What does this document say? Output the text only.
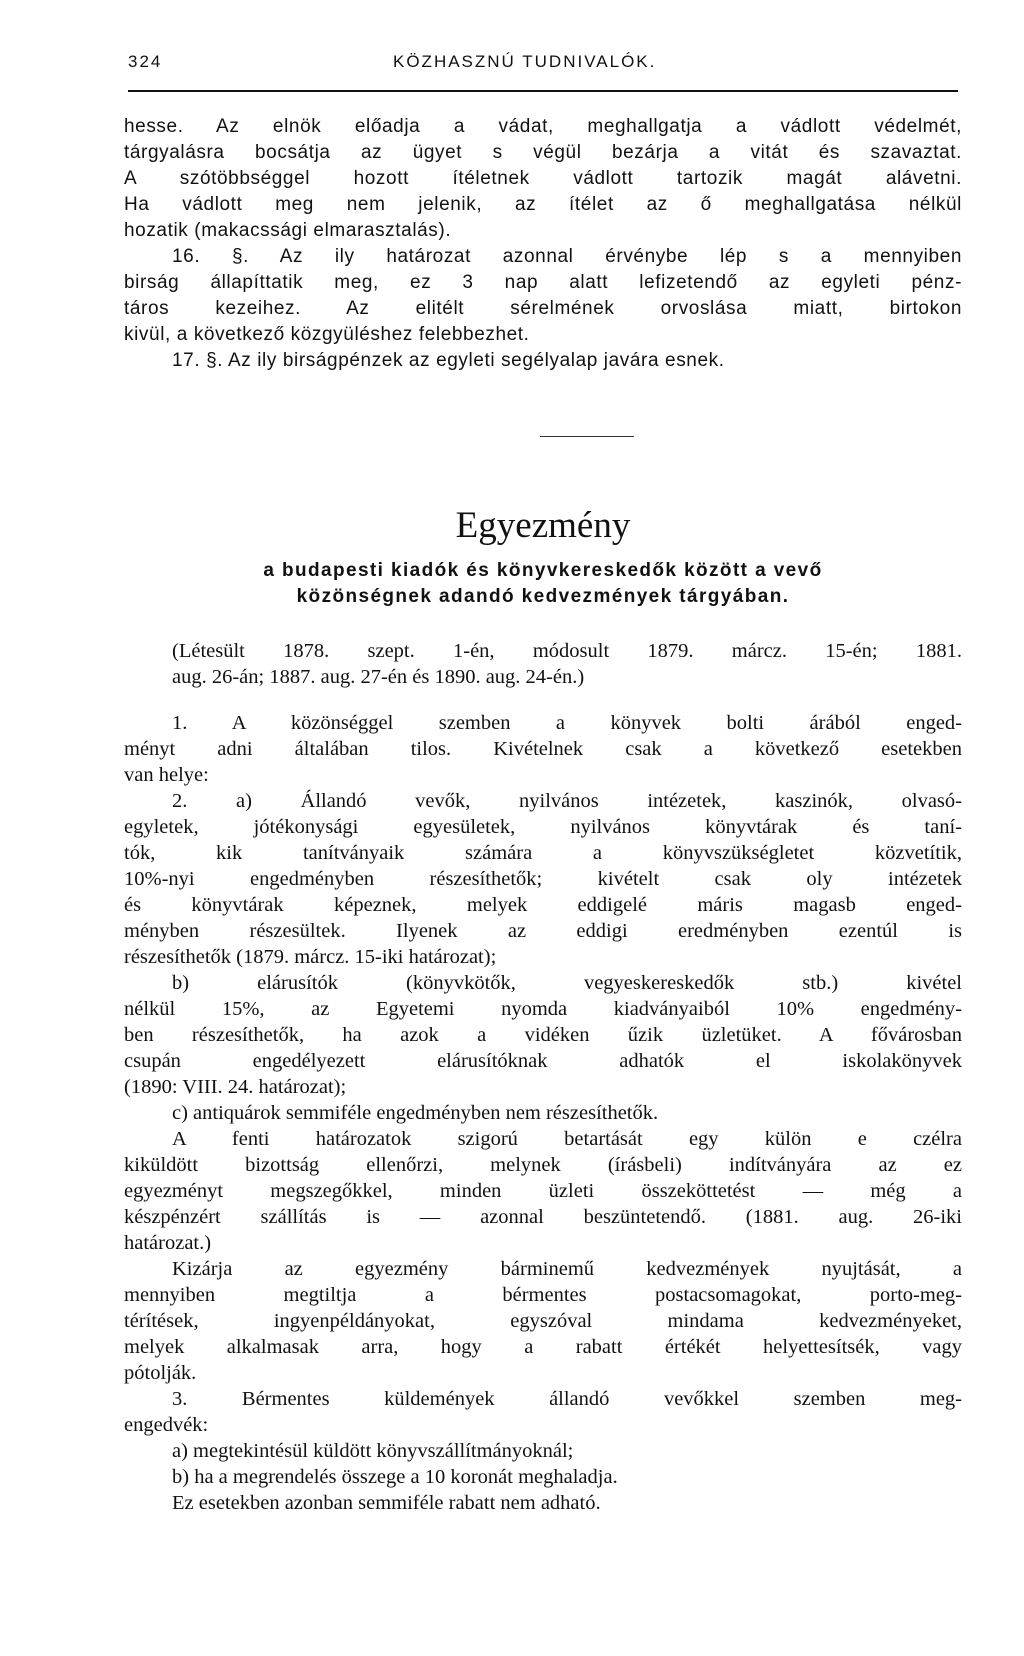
324	KÖZHASZNÚ TUDNIVALÓK.
hesse. Az elnök előadja a vádat, meghallgatja a vádlott védelmét,
tárgyalásra bocsátja az ügyet s végül bezárja a vitát és szavaztat.
A szótöbbséggel hozott ítéletnek vádlott tartozik magát alávetni.
Ha vádlott meg nem jelenik, az ítélet az ő meghallgatása nélkül
hozatik (makacssági elmarasztalás).
16. §. Az ily határozat azonnal érvénybe lép s a mennyiben
birság állapíttatik meg, ez 3 nap alatt lefizetendő az egyleti pénz-
táros kezeihez. Az elitélt sérelmének orvoslása miatt, birtokon
kivül, a következő közgyüléshez felebbezhet.
17. §. Az ily birságpénzek az egyleti segélyalap javára esnek.
Egyezmény
a budapesti kiadók és könyvkereskedők között a vevő
közönségnek adandó kedvezmények tárgyában.
(Létesült 1878. szept. 1-én, módosult 1879. márcz. 15-én; 1881.
aug. 26-án; 1887. aug. 27-én és 1890. aug. 24-én.)
1. A közönséggel szemben a könyvek bolti árából enged-
ményt adni általában tilos. Kivételnek csak a következő esetekben
van helye:
2. a) Állandó vevők, nyilvános intézetek, kaszinók, olvasó-
egyletek, jótékonysági egyesületek, nyilvános könyvtárak és taní-
tók, kik tanítványaik számára a könyvszükségletet közvetítik,
10%-nyi engedményben részesíthetők; kivételt csak oly intézetek
és könyvtárak képeznek, melyek eddigelé máris magasb enged-
ményben részesültek. Ilyenek az eddigi eredményben ezentúl is
részesíthetők (1879. márcz. 15-iki határozat);
b) elárusítók (könyvkötők, vegyeskereskedők stb.) kivétel
nélkül 15%, az Egyetemi nyomda kiadványaiból 10% engedmény-
ben részesíthetők, ha azok a vidéken űzik üzletüket. A fővárosban
csupán engedélyezett elárusítóknak adhatók el iskolakönyvek
(1890: VIII. 24. határozat);
c) antiquárok semmiféle engedményben nem részesíthetők.
A fenti határozatok szigorú betartását egy külön e czélra
kiküldött bizottság ellenőrzi, melynek (írásbeli) indítványára az ez
egyezményt megszegőkkel, minden üzleti összeköttetést — még a
készpénzért szállítás is — azonnal beszüntetendő. (1881. aug. 26-iki
határozat.)
Kizárja az egyezmény bárminemű kedvezmények nyujtását, a
mennyiben megtiltja a bérmentes postacsomagokat, porto-meg-
térítések, ingyenpéldányokat, egyszóval mindama kedvezményeket,
melyek alkalmasak arra, hogy a rabatt értékét helyettesítsék, vagy
pótolják.
3. Bérmentes küldemények állandó vevőkkel szemben meg-
engedvék:
a) megtekintésül küldött könyvszállítmányoknál;
b) ha a megrendelés összege a 10 koronát meghaladja.
Ez esetekben azonban semmiféle rabatt nem adható.
